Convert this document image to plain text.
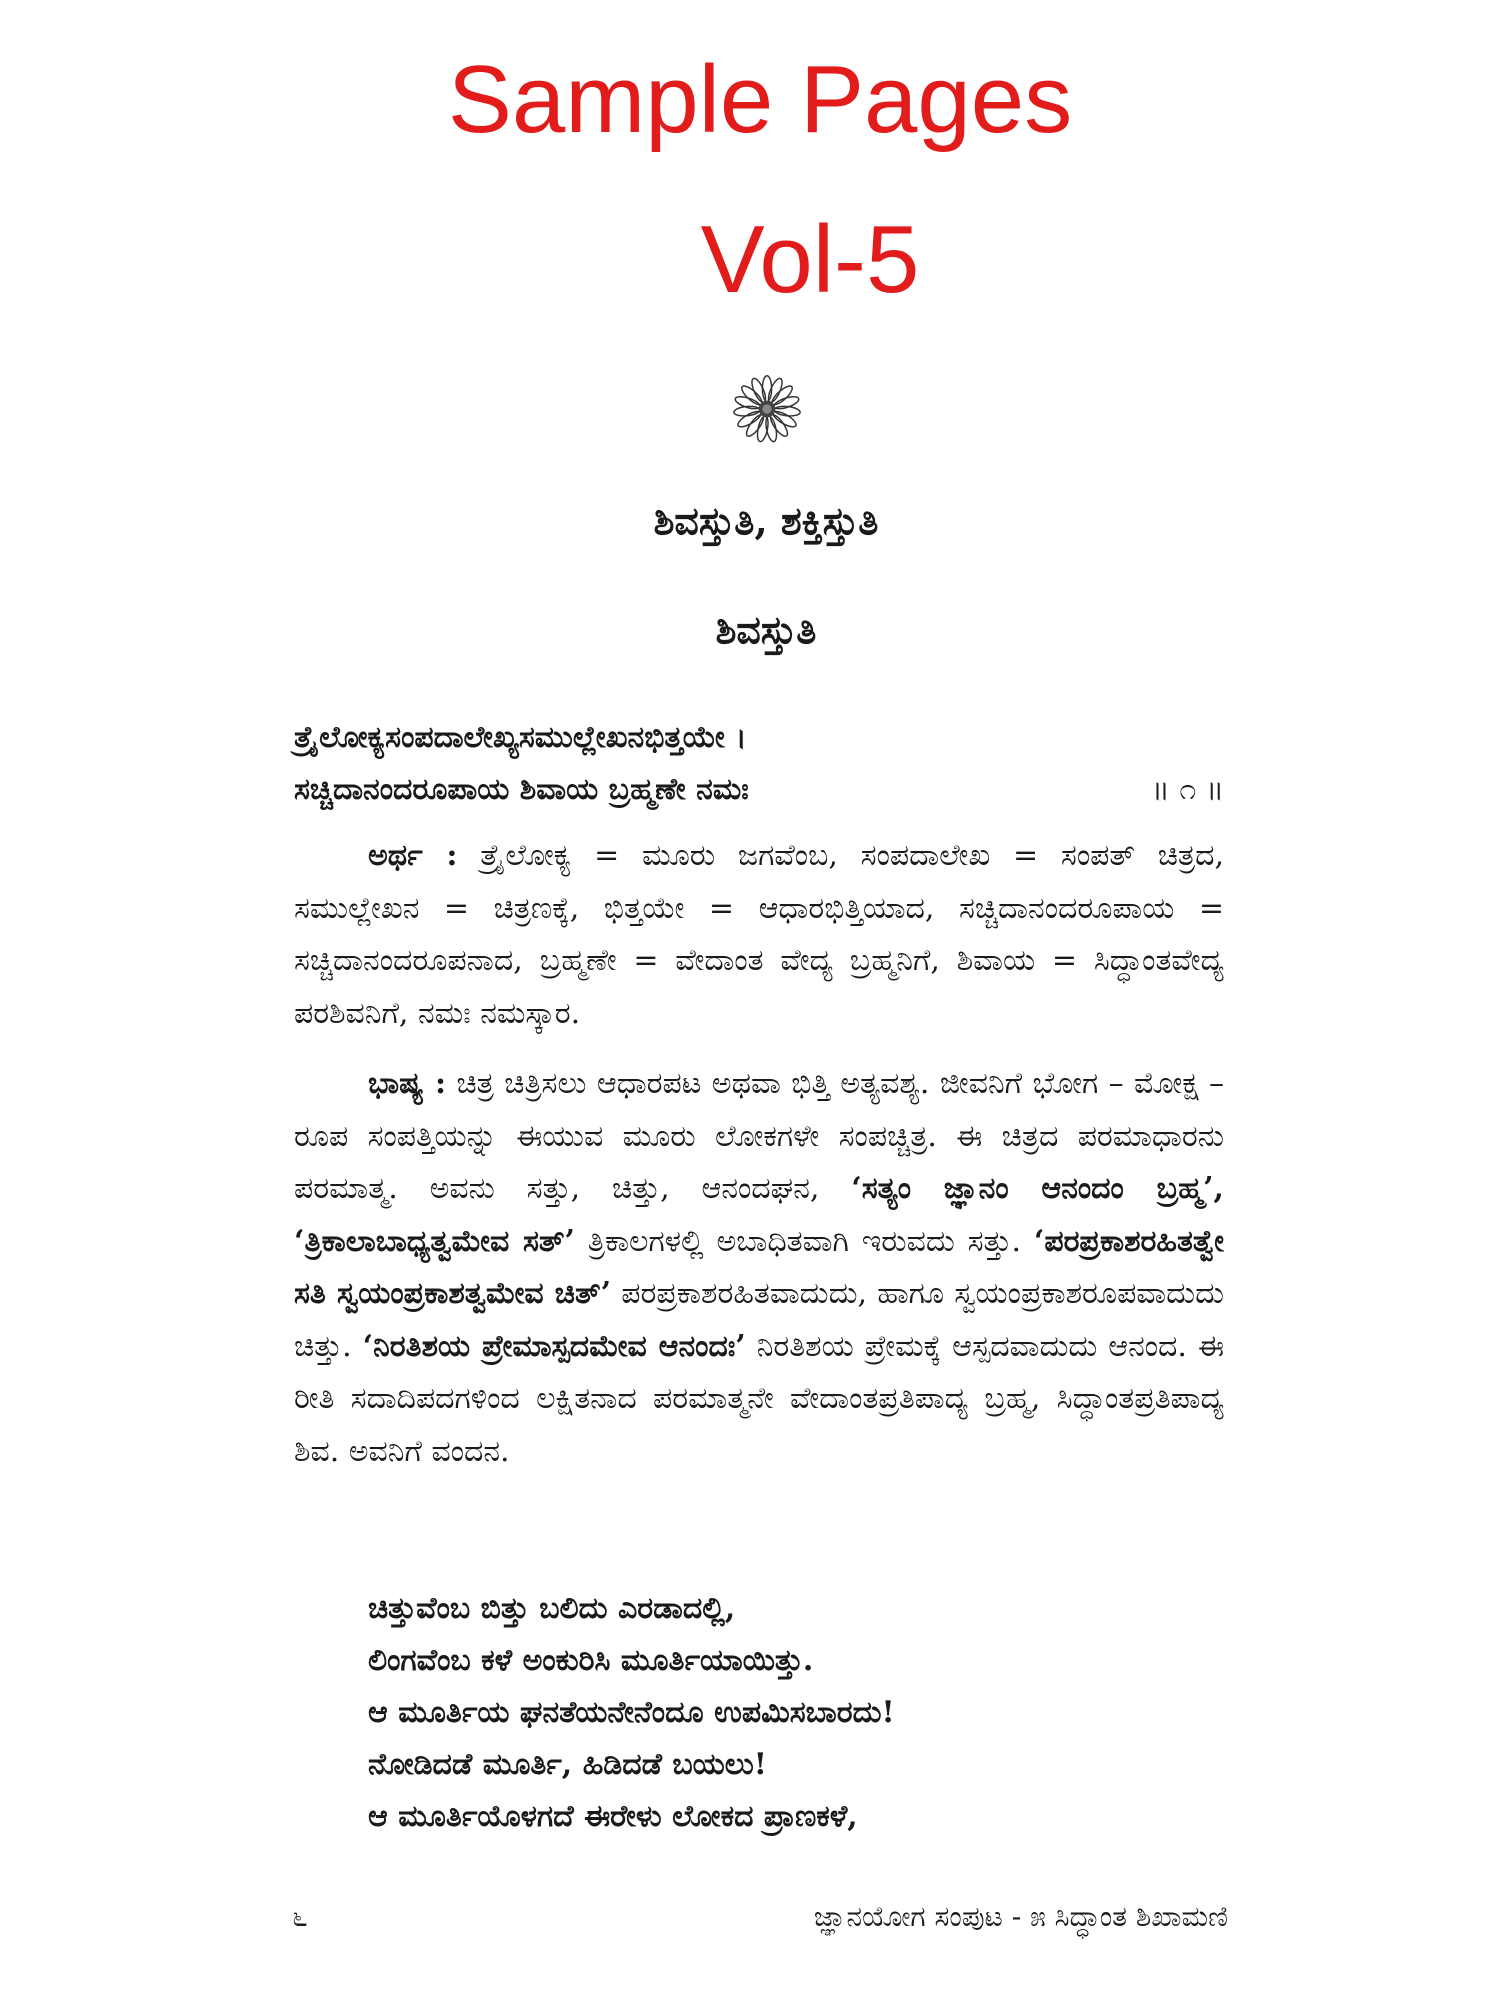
Sample Pages
Vol-5
ಶಿವಸ್ತುತಿ, ಶಕ್ತಿಸ್ತುತಿ
ಶಿವಸ್ತುತಿ
ತ್ರೈಲೋಕ್ಯಸಂಪದಾಲೇಖ್ಯಸಮುಲ್ಲೇಖನಭಿತ್ತಯೇ ।
ಸಚ್ಚಿದಾನಂದರೂಪಾಯ ಶಿವಾಯ ಬ್ರಹ್ಮಣೇ ನಮಃ	॥ ೧ ॥
ಅರ್ಥ : ತ್ರೈಲೋಕ್ಯ = ಮೂರು ಜಗವೆಂಬ, ಸಂಪದಾಲೇಖ = ಸಂಪತ್ ಚಿತ್ರದ, ಸಮುಲ್ಲೇಖನ = ಚಿತ್ರಣಕ್ಕೆ, ಭಿತ್ತಯೇ = ಆಧಾರಭಿತ್ತಿಯಾದ, ಸಚ್ಚಿದಾನಂದರೂಪಾಯ = ಸಚ್ಚಿದಾನಂದರೂಪನಾದ, ಬ್ರಹ್ಮಣೇ = ವೇದಾಂತ ವೇದ್ಯ ಬ್ರಹ್ಮನಿಗೆ, ಶಿವಾಯ = ಸಿದ್ಧಾಂತವೇದ್ಯ ಪರಶಿವನಿಗೆ, ನಮಃ ನಮಸ್ಕಾರ.
ಭಾಷ್ಯ : ಚಿತ್ರ ಚಿತ್ರಿಸಲು ಆಧಾರಪಟ ಅಥವಾ ಭಿತ್ತಿ ಅತ್ಯವಶ್ಯ. ಜೀವನಿಗೆ ಭೋಗ – ಮೋಕ್ಷ – ರೂಪ ಸಂಪತ್ತಿಯನ್ನು ಈಯುವ ಮೂರು ಲೋಕಗಳೇ ಸಂಪಚ್ಚಿತ್ರ. ಈ ಚಿತ್ರದ ಪರಮಾಧಾರನು ಪರಮಾತ್ಮ. ಅವನು ಸತ್ತು, ಚಿತ್ತು, ಆನಂದಘನ, ‘ಸತ್ಯಂ ಜ್ಞಾನಂ ಆನಂದಂ ಬ್ರಹ್ಮ’, ‘ತ್ರಿಕಾಲಾಬಾಧ್ಯತ್ವಮೇವ ಸತ್’ ತ್ರಿಕಾಲಗಳಲ್ಲಿ ಅಬಾಧಿತವಾಗಿ ಇರುವದು ಸತ್ತು. ‘ಪರಪ್ರಕಾಶರಹಿತತ್ವೇ ಸತಿ ಸ್ವಯಂಪ್ರಕಾಶತ್ವಮೇವ ಚಿತ್’ ಪರಪ್ರಕಾಶರಹಿತವಾದುದು, ಹಾಗೂ ಸ್ವಯಂಪ್ರಕಾಶರೂಪವಾದುದು ಚಿತ್ತು. ‘ನಿರತಿಶಯ ಪ್ರೇಮಾಸ್ಪದಮೇವ ಆನಂದಃ’ ನಿರತಿಶಯ ಪ್ರೇಮಕ್ಕೆ ಆಸ್ಪದವಾದುದು ಆನಂದ. ಈ ರೀತಿ ಸದಾದಿಪದಗಳಿಂದ ಲಕ್ಷಿತನಾದ ಪರಮಾತ್ಮನೇ ವೇದಾಂತಪ್ರತಿಪಾದ್ಯ ಬ್ರಹ್ಮ, ಸಿದ್ಧಾಂತಪ್ರತಿಪಾದ್ಯ ಶಿವ. ಅವನಿಗೆ ವಂದನ.
ಚಿತ್ತುವೆಂಬ ಬಿತ್ತು ಬಲಿದು ಎರಡಾದಲ್ಲಿ,
ಲಿಂಗವೆಂಬ ಕಳೆ ಅಂಕುರಿಸಿ ಮೂರ್ತಿಯಾಯಿತ್ತು.
ಆ ಮೂರ್ತಿಯ ಘನತೆಯನೇನೆಂದೂ ಉಪಮಿಸಬಾರದು!
ನೋಡಿದಡೆ ಮೂರ್ತಿ, ಹಿಡಿದಡೆ ಬಯಲು!
ಆ ಮೂರ್ತಿಯೊಳಗದೆ ಈರೇಳು ಲೋಕದ ಪ್ರಾಣಕಳೆ,
೬	ಜ್ಞಾನಯೋಗ ಸಂಪುಟ - ೫ ಸಿದ್ಧಾಂತ ಶಿಖಾಮಣಿ
